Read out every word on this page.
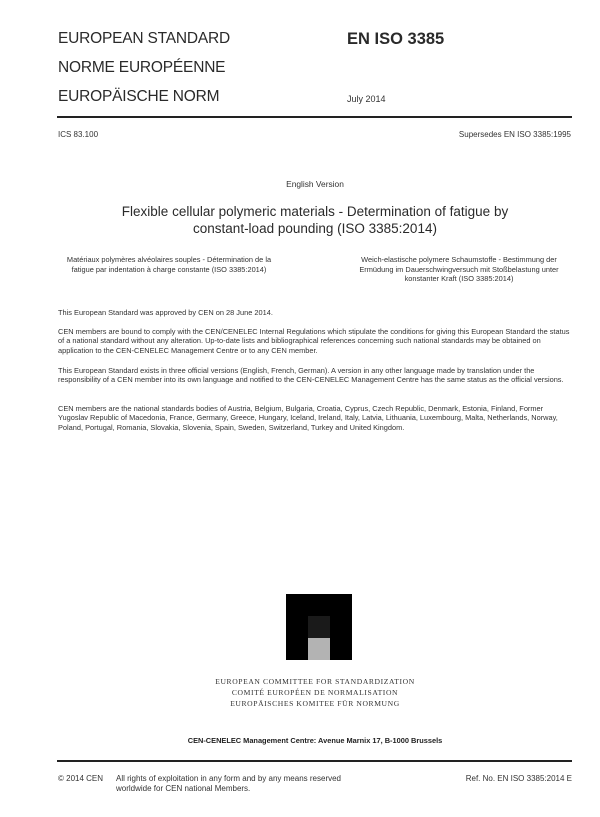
EUROPEAN STANDARD
NORME EUROPÉENNE
EUROPÄISCHE NORM
EN ISO 3385
July 2014
ICS 83.100	Supersedes EN ISO 3385:1995
English Version
Flexible cellular polymeric materials - Determination of fatigue by
constant-load pounding (ISO 3385:2014)
Matériaux polymères alvéolaires souples - Détermination de la fatigue par indentation à charge constante (ISO 3385:2014)
Weich-elastische polymere Schaumstoffe - Bestimmung der Ermüdung im Dauerschwingversuch mit Stoßbelastung unter konstanter Kraft (ISO 3385:2014)
This European Standard was approved by CEN on 28 June 2014.
CEN members are bound to comply with the CEN/CENELEC Internal Regulations which stipulate the conditions for giving this European Standard the status of a national standard without any alteration. Up-to-date lists and bibliographical references concerning such national standards may be obtained on application to the CEN-CENELEC Management Centre or to any CEN member.
This European Standard exists in three official versions (English, French, German). A version in any other language made by translation under the responsibility of a CEN member into its own language and notified to the CEN-CENELEC Management Centre has the same status as the official versions.
CEN members are the national standards bodies of Austria, Belgium, Bulgaria, Croatia, Cyprus, Czech Republic, Denmark, Estonia, Finland, Former Yugoslav Republic of Macedonia, France, Germany, Greece, Hungary, Iceland, Ireland, Italy, Latvia, Lithuania, Luxembourg, Malta, Netherlands, Norway, Poland, Portugal, Romania, Slovakia, Slovenia, Spain, Sweden, Switzerland, Turkey and United Kingdom.
EUROPEAN COMMITTEE FOR STANDARDIZATION
COMITÉ EUROPÉEN DE NORMALISATION
EUROPÄISCHES KOMITEE FÜR NORMUNG
CEN-CENELEC Management Centre: Avenue Marnix 17, B-1000 Brussels
© 2014 CEN All rights of exploitation in any form and by any means reserved
worldwide for CEN national Members.
Ref. No. EN ISO 3385:2014 E
